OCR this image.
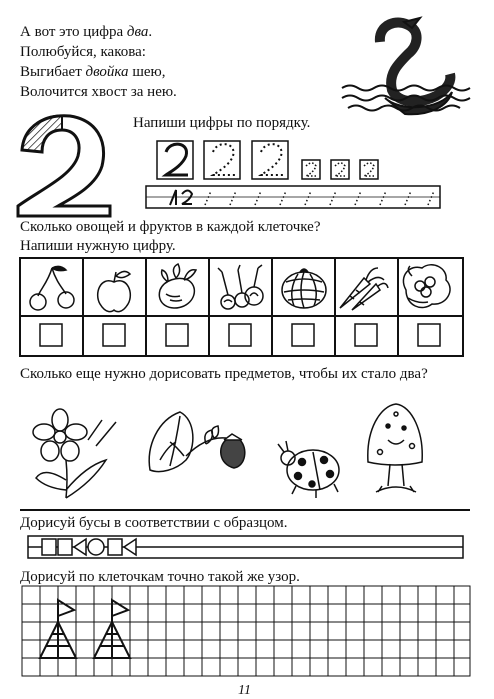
А вот это цифра два.
Полюбуйся, какова:
Выгибает двойка шею,
Волочится хвост за нею.
Напиши цифры по порядку.
Сколько овощей и фруктов в каждой клеточке?
Напиши нужную цифру.
Сколько еще нужно дорисовать предметов, чтобы их стало два?
Дорисуй бусы в соответствии с образцом.
Дорисуй по клеточкам точно такой же узор.
11
